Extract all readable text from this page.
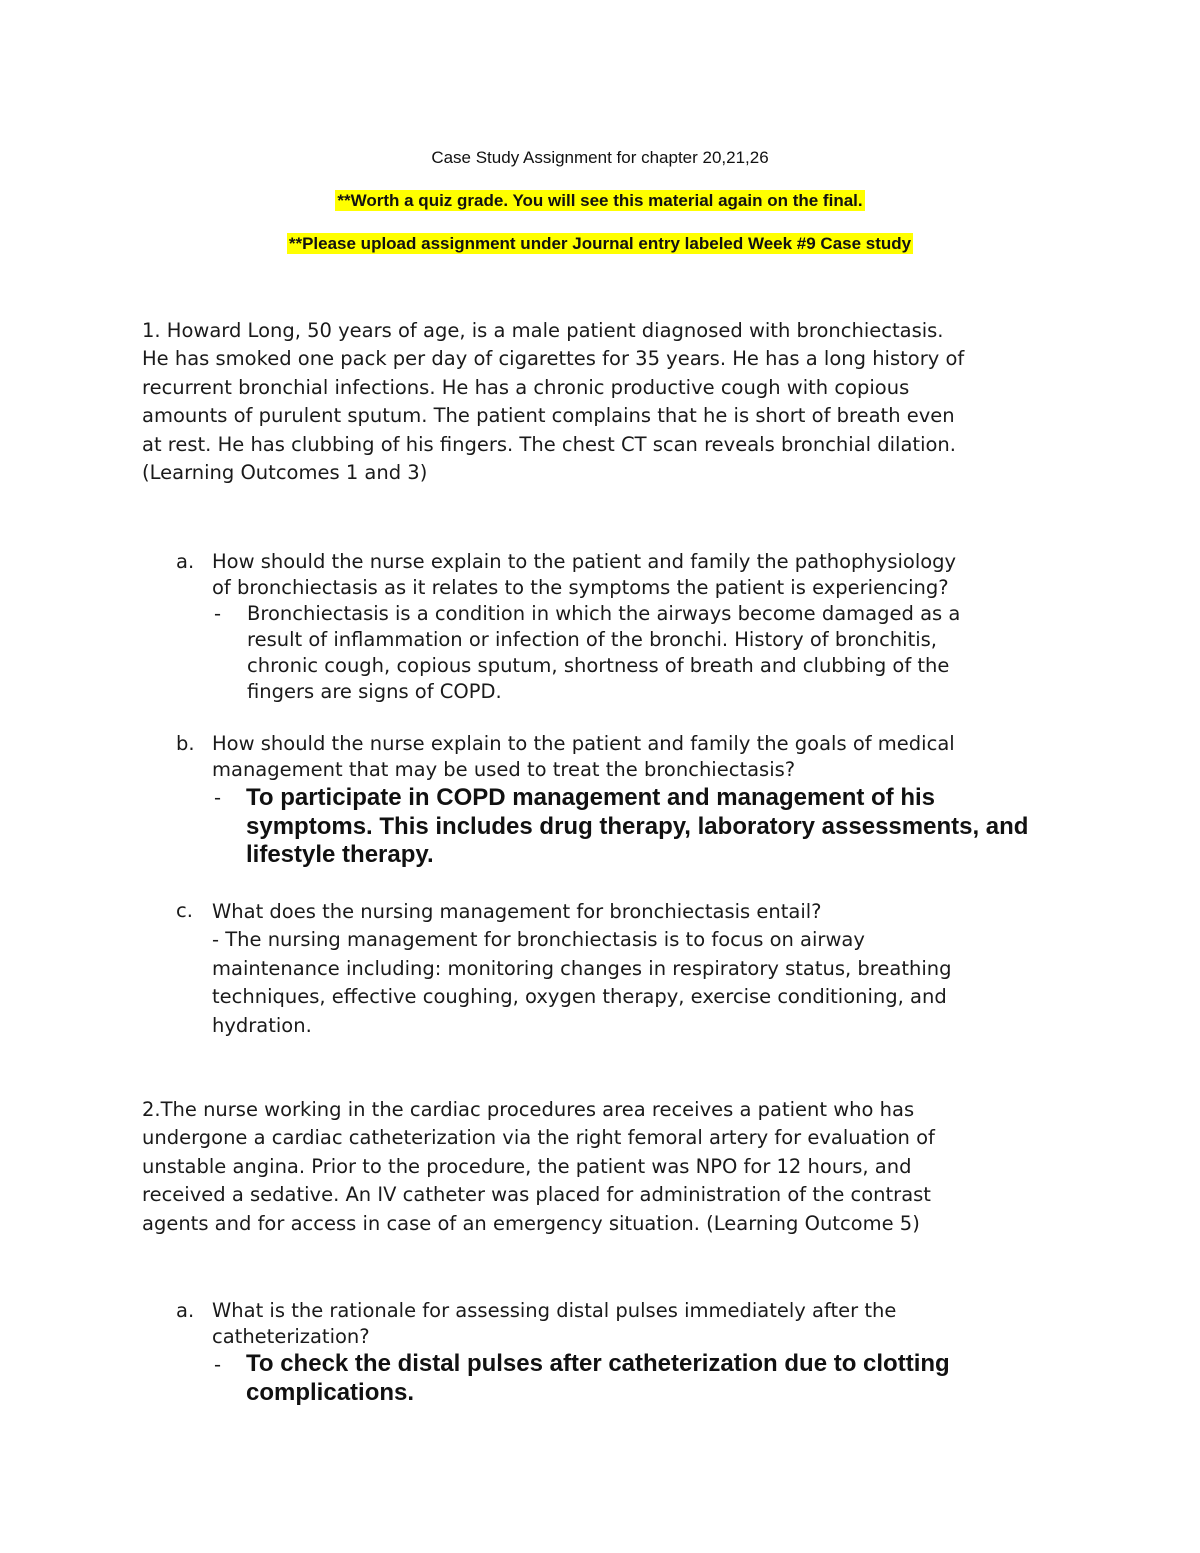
Case Study Assignment for chapter 20,21,26
**Worth a quiz grade. You will see this material again on the final.
**Please upload assignment under Journal entry labeled Week #9 Case study
1. Howard Long, 50 years of age, is a male patient diagnosed with bronchiectasis.
He has smoked one pack per day of cigarettes for 35 years. He has a long history of
recurrent bronchial infections. He has a chronic productive cough with copious
amounts of purulent sputum. The patient complains that he is short of breath even
at rest. He has clubbing of his fingers. The chest CT scan reveals bronchial dilation.
(Learning Outcomes 1 and 3)
a. How should the nurse explain to the patient and family the pathophysiology
of bronchiectasis as it relates to the symptoms the patient is experiencing?
- Bronchiectasis is a condition in which the airways become damaged as a
result of inflammation or infection of the bronchi. History of bronchitis,
chronic cough, copious sputum, shortness of breath and clubbing of the
fingers are signs of COPD.
b. How should the nurse explain to the patient and family the goals of medical
management that may be used to treat the bronchiectasis?
- To participate in COPD management and management of his
symptoms. This includes drug therapy, laboratory assessments, and
lifestyle therapy.
c. What does the nursing management for bronchiectasis entail?
- The nursing management for bronchiectasis is to focus on airway
maintenance including: monitoring changes in respiratory status, breathing
techniques, effective coughing, oxygen therapy, exercise conditioning, and
hydration.
2.The nurse working in the cardiac procedures area receives a patient who has
undergone a cardiac catheterization via the right femoral artery for evaluation of
unstable angina. Prior to the procedure, the patient was NPO for 12 hours, and
received a sedative. An IV catheter was placed for administration of the contrast
agents and for access in case of an emergency situation. (Learning Outcome 5)
a. What is the rationale for assessing distal pulses immediately after the
catheterization?
- To check the distal pulses after catheterization due to clotting
complications.
